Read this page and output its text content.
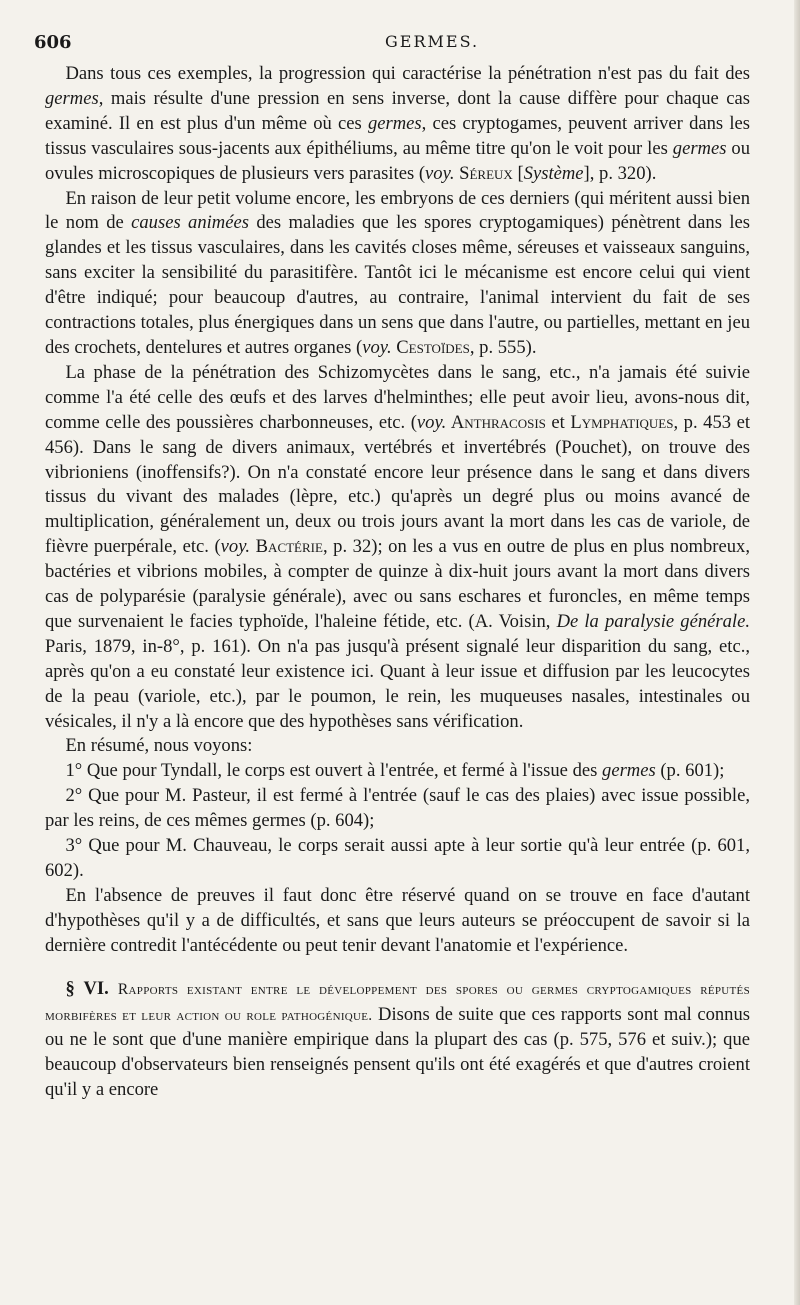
606	GERMES.

Dans tous ces exemples, la progression qui caractérise la pénétration n'est pas du fait des germes, mais résulte d'une pression en sens inverse, dont la cause diffère pour chaque cas examiné. Il en est plus d'un même où ces germes, ces cryptogames, peuvent arriver dans les tissus vasculaires sous-jacents aux épithéliums, au même titre qu'on le voit pour les germes ou ovules microscopiques de plusieurs vers parasites (voy. Séreux [Système], p. 320).

En raison de leur petit volume encore, les embryons de ces derniers (qui méritent aussi bien le nom de causes animées des maladies que les spores cryptogamiques) pénètrent dans les glandes et les tissus vasculaires, dans les cavités closes même, séreuses et vaisseaux sanguins, sans exciter la sensibilité du parasitifère. Tantôt ici le mécanisme est encore celui qui vient d'être indiqué; pour beaucoup d'autres, au contraire, l'animal intervient du fait de ses contractions totales, plus énergiques dans un sens que dans l'autre, ou partielles, mettant en jeu des crochets, dentelures et autres organes (voy. Cestoïdes, p. 555).

La phase de la pénétration des Schizomycètes dans le sang, etc., n'a jamais été suivie comme l'a été celle des œufs et des larves d'helminthes; elle peut avoir lieu, avons-nous dit, comme celle des poussières charbonneuses, etc. (voy. Anthracosis et Lymphatiques, p. 453 et 456). Dans le sang de divers animaux, vertébrés et invertébrés (Pouchet), on trouve des vibrioniens (inoffensifs?). On n'a constaté encore leur présence dans le sang et dans divers tissus du vivant des malades (lèpre, etc.) qu'après un degré plus ou moins avancé de multiplication, généralement un, deux ou trois jours avant la mort dans les cas de variole, de fièvre puerpérale, etc. (voy. Bactérie, p. 32); on les a vus en outre de plus en plus nombreux, bactéries et vibrions mobiles, à compter de quinze à dix-huit jours avant la mort dans divers cas de polyparésie (paralysie générale), avec ou sans eschares et furoncles, en même temps que survenaient le facies typhoïde, l'haleine fétide, etc. (A. Voisin, De la paralysie générale. Paris, 1879, in-8°, p. 161). On n'a pas jusqu'à présent signalé leur disparition du sang, etc., après qu'on a eu constaté leur existence ici. Quant à leur issue et diffusion par les leucocytes de la peau (variole, etc.), par le poumon, le rein, les muqueuses nasales, intestinales ou vésicales, il n'y a là encore que des hypothèses sans vérification.

En résumé, nous voyons:

1° Que pour Tyndall, le corps est ouvert à l'entrée, et fermé à l'issue des germes (p. 601);

2° Que pour M. Pasteur, il est fermé à l'entrée (sauf le cas des plaies) avec issue possible, par les reins, de ces mêmes germes (p. 604);

3° Que pour M. Chauveau, le corps serait aussi apte à leur sortie qu'à leur entrée (p. 601, 602).

En l'absence de preuves il faut donc être réservé quand on se trouve en face d'autant d'hypothèses qu'il y a de difficultés, et sans que leurs auteurs se préoccupent de savoir si la dernière contredit l'antécédente ou peut tenir devant l'anatomie et l'expérience.

§ VI. Rapports existant entre le développement des spores ou germes cryptogamiques réputés morbifères et leur action ou role pathogénique. Disons de suite que ces rapports sont mal connus ou ne le sont que d'une manière empirique dans la plupart des cas (p. 575, 576 et suiv.); que beaucoup d'observateurs bien renseignés pensent qu'ils ont été exagérés et que d'autres croient qu'il y a encore
